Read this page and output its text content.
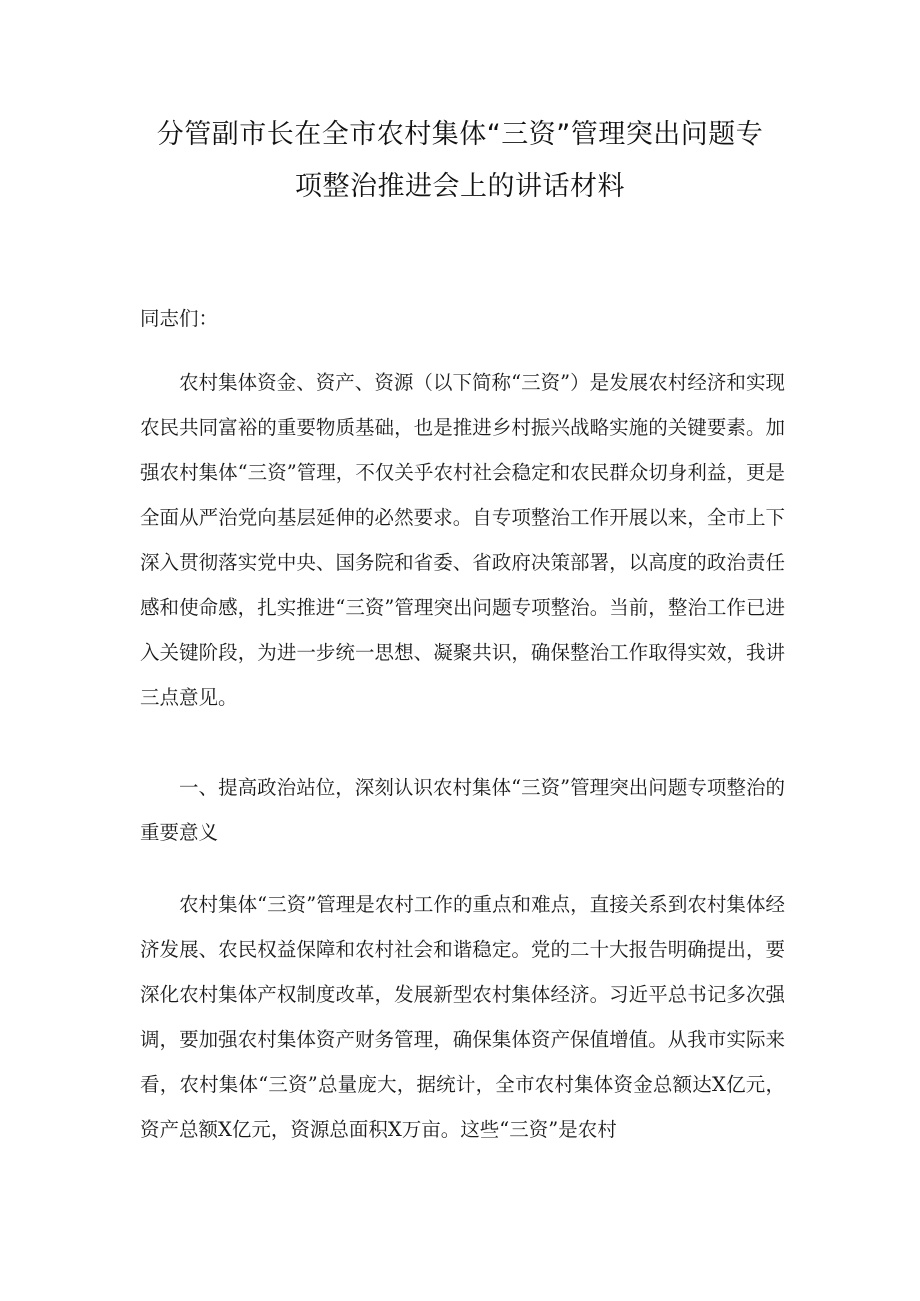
分管副市长在全市农村集体“三资”管理突出问题专
项整治推进会上的讲话材料
同志们：

农村集体资金、资产、资源（以下简称“三资”）是发展农村经济和实现农民共同富裕的重要物质基础，也是推进乡村振兴战略实施的关键要素。加强农村集体“三资”管理，不仅关乎农村社会稳定和农民群众切身利益，更是全面从严治党向基层延伸的必然要求。自专项整治工作开展以来，全市上下深入贯彻落实党中央、国务院和省委、省政府决策部署，以高度的政治责任感和使命感，扎实推进“三资”管理突出问题专项整治。当前，整治工作已进入关键阶段，为进一步统一思想、凝聚共识，确保整治工作取得实效，我讲三点意见。

一、提高政治站位，深刻认识农村集体“三资”管理突出问题专项整治的重要意义

农村集体“三资”管理是农村工作的重点和难点，直接关系到农村集体经济发展、农民权益保障和农村社会和谐稳定。党的二十大报告明确提出，要深化农村集体产权制度改革，发展新型农村集体经济。习近平总书记多次强调，要加强农村集体资产财务管理，确保集体资产保值增值。从我市实际来看，农村集体“三资”总量庞大，据统计，全市农村集体资金总额达X亿元，资产总额X亿元，资源总面积X万亩。这些“三资”是农村
